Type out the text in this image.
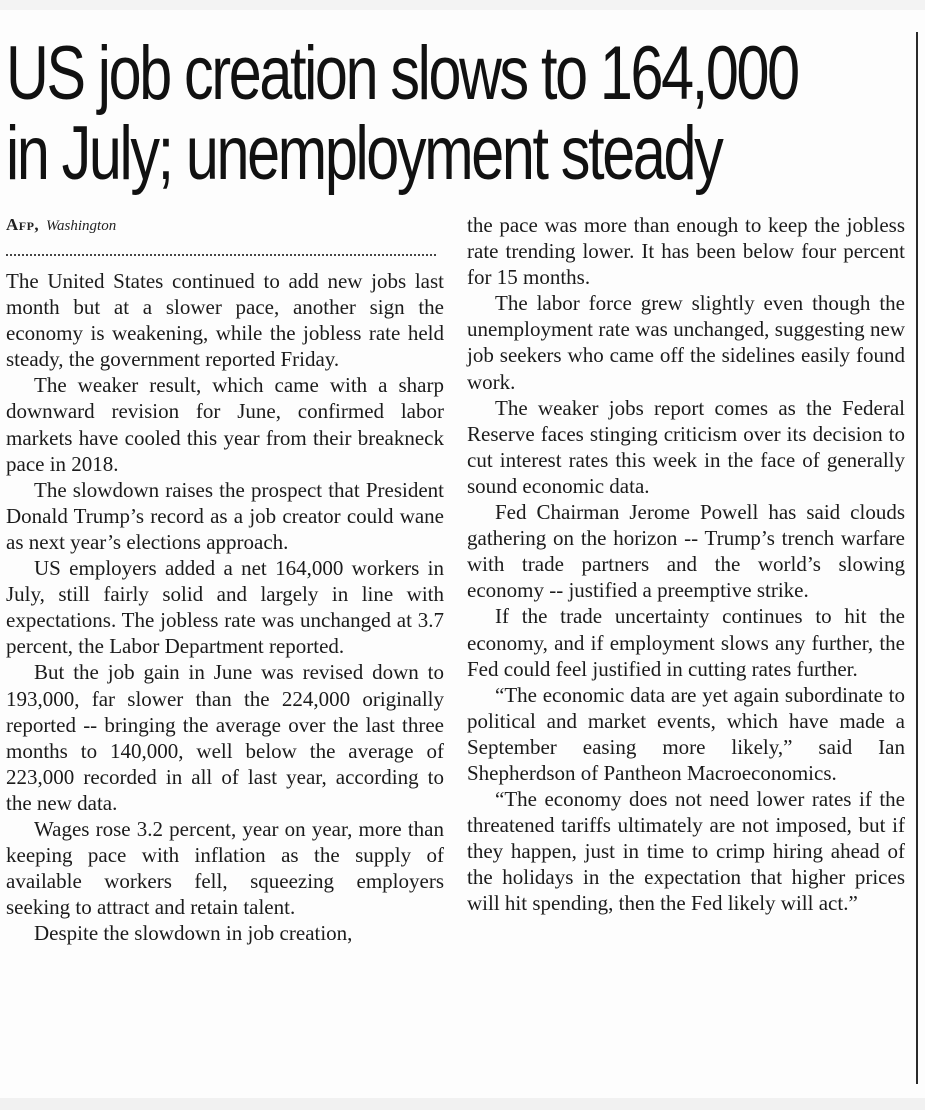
US job creation slows to 164,000
in July; unemployment steady
Afp, Washington

The United States continued to add new jobs last month but at a slower pace, another sign the economy is weakening, while the jobless rate held steady, the government reported Friday.

The weaker result, which came with a sharp downward revision for June, confirmed labor markets have cooled this year from their breakneck pace in 2018.

The slowdown raises the prospect that President Donald Trump’s record as a job creator could wane as next year’s elections approach.

US employers added a net 164,000 workers in July, still fairly solid and largely in line with expectations. The jobless rate was unchanged at 3.7 percent, the Labor Department reported.

But the job gain in June was revised down to 193,000, far slower than the 224,000 originally reported -- bringing the average over the last three months to 140,000, well below the average of 223,000 recorded in all of last year, according to the new data.

Wages rose 3.2 percent, year on year, more than keeping pace with inflation as the supply of available workers fell, squeezing employers seeking to attract and retain talent.

Despite the slowdown in job creation,

the pace was more than enough to keep the jobless rate trending lower. It has been below four percent for 15 months.

The labor force grew slightly even though the unemployment rate was unchanged, suggesting new job seekers who came off the sidelines easily found work.

The weaker jobs report comes as the Federal Reserve faces stinging criticism over its decision to cut interest rates this week in the face of generally sound economic data.

Fed Chairman Jerome Powell has said clouds gathering on the horizon -- Trump’s trench warfare with trade partners and the world’s slowing economy -- justified a preemptive strike.

If the trade uncertainty continues to hit the economy, and if employment slows any further, the Fed could feel justified in cutting rates further.

“The economic data are yet again subordinate to political and market events, which have made a September easing more likely,” said Ian Shepherdson of Pantheon Macroeconomics.

“The economy does not need lower rates if the threatened tariffs ultimately are not imposed, but if they happen, just in time to crimp hiring ahead of the holidays in the expectation that higher prices will hit spending, then the Fed likely will act.”
